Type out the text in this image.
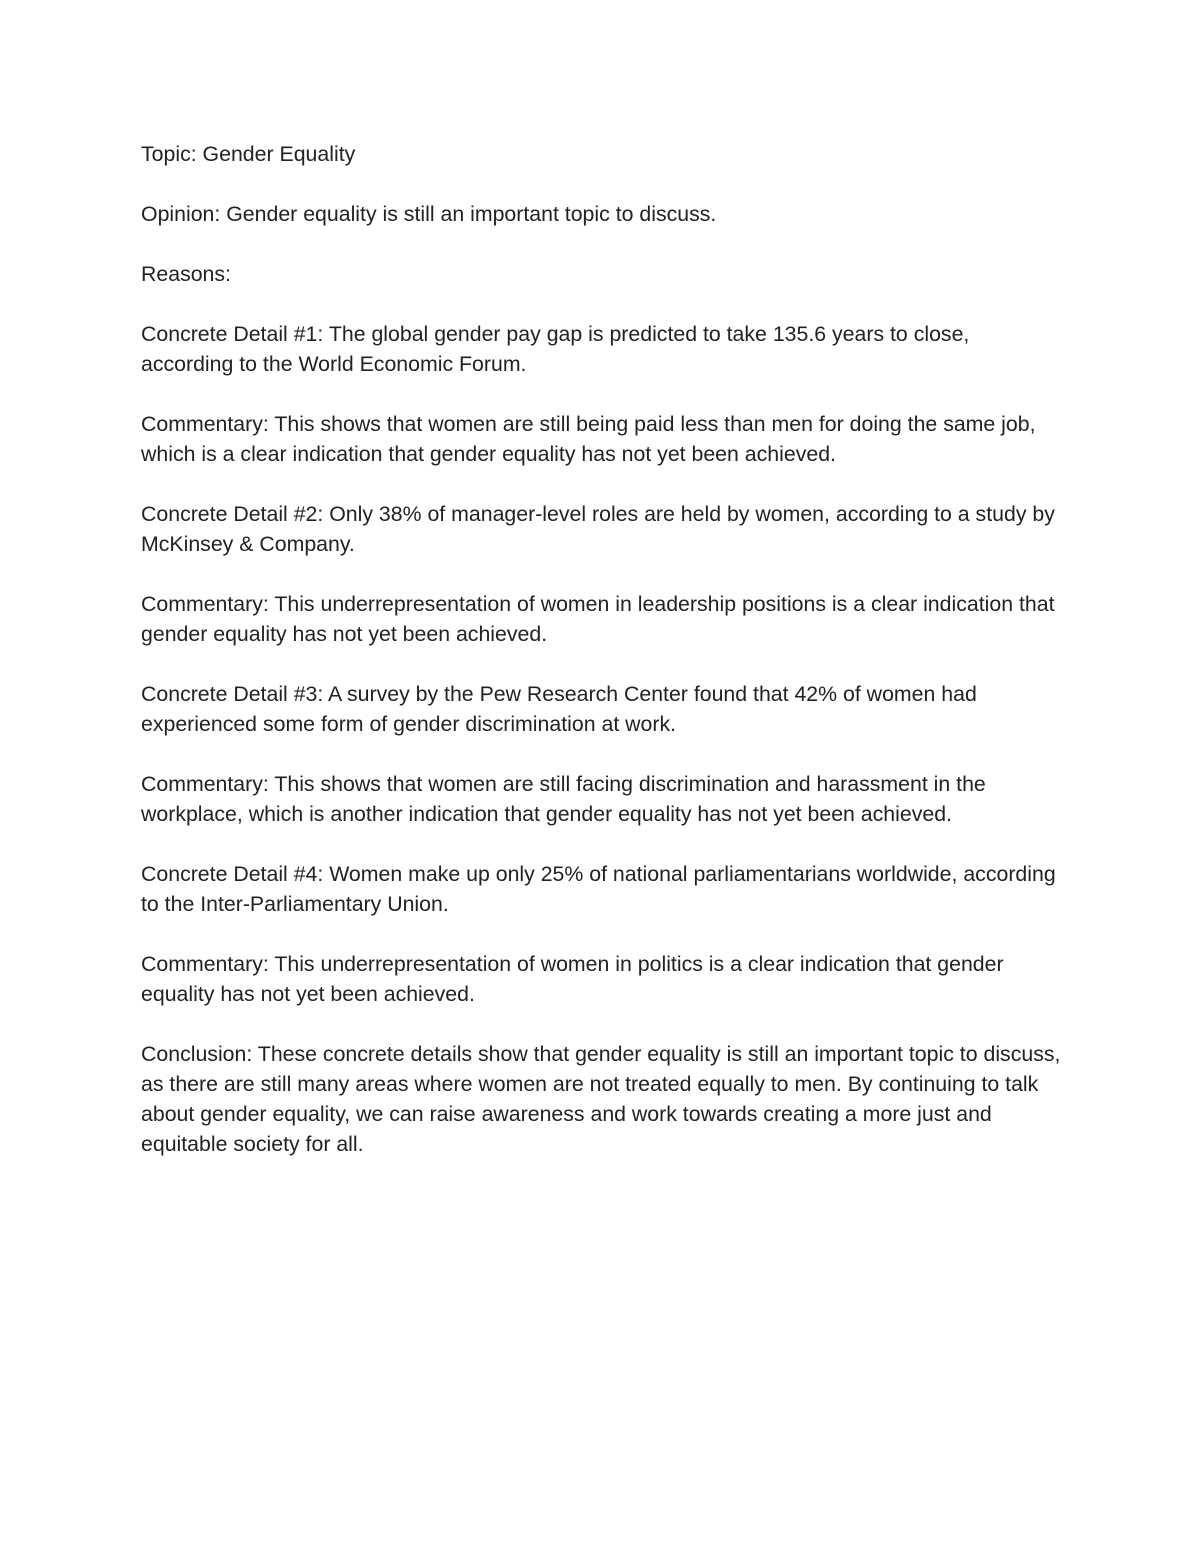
Topic: Gender Equality

Opinion: Gender equality is still an important topic to discuss.

Reasons:

Concrete Detail #1: The global gender pay gap is predicted to take 135.6 years to close, according to the World Economic Forum.

Commentary: This shows that women are still being paid less than men for doing the same job, which is a clear indication that gender equality has not yet been achieved.

Concrete Detail #2: Only 38% of manager-level roles are held by women, according to a study by McKinsey & Company.

Commentary: This underrepresentation of women in leadership positions is a clear indication that gender equality has not yet been achieved.

Concrete Detail #3: A survey by the Pew Research Center found that 42% of women had experienced some form of gender discrimination at work.

Commentary: This shows that women are still facing discrimination and harassment in the workplace, which is another indication that gender equality has not yet been achieved.

Concrete Detail #4: Women make up only 25% of national parliamentarians worldwide, according to the Inter-Parliamentary Union.

Commentary: This underrepresentation of women in politics is a clear indication that gender equality has not yet been achieved.

Conclusion: These concrete details show that gender equality is still an important topic to discuss, as there are still many areas where women are not treated equally to men. By continuing to talk about gender equality, we can raise awareness and work towards creating a more just and equitable society for all.
